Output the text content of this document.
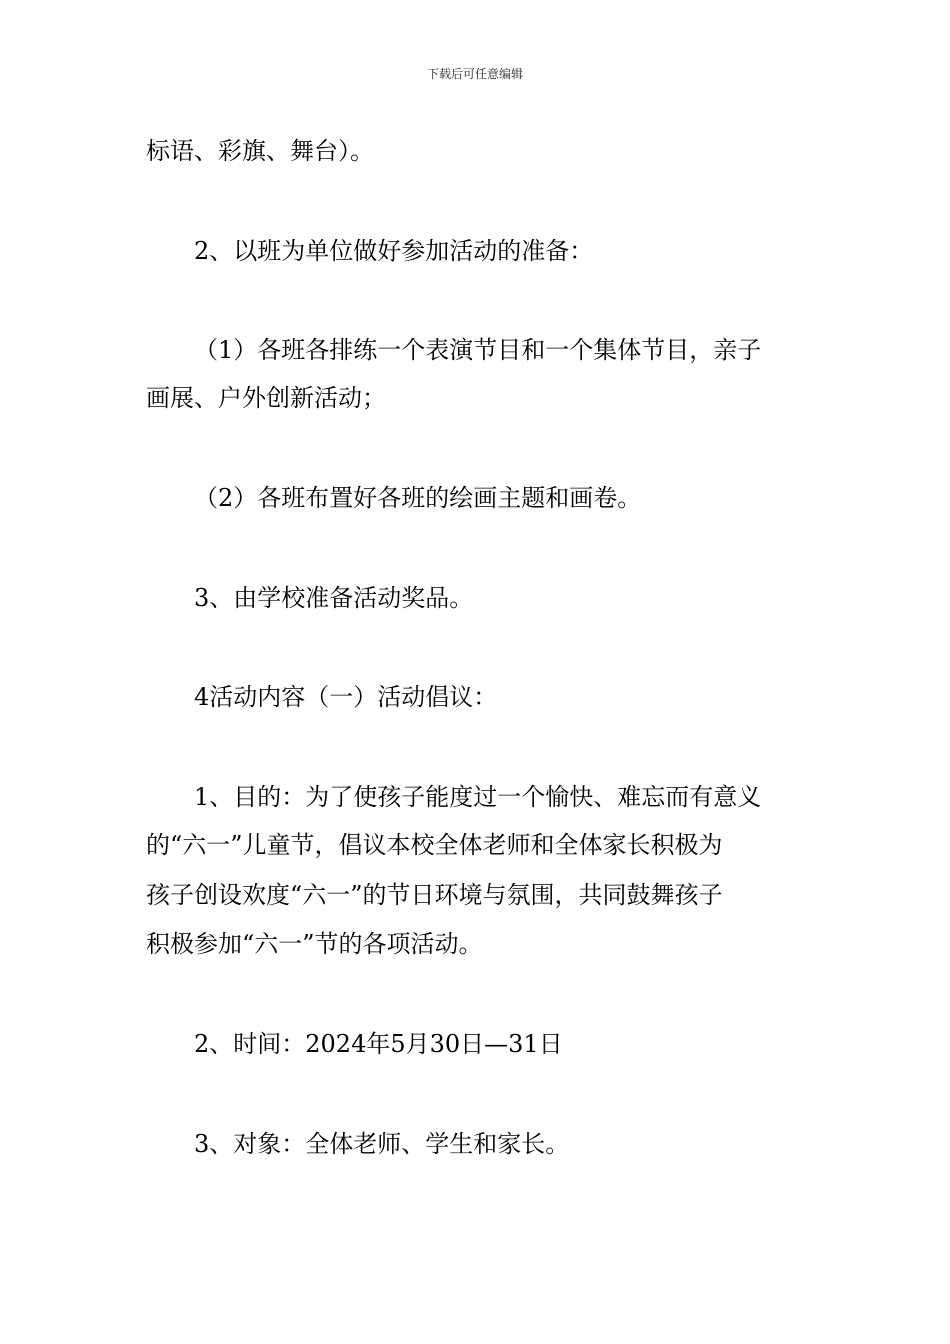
下载后可任意编辑
标语、彩旗、舞台）。
2、以班为单位做好参加活动的准备：
（1）各班各排练一个表演节目和一个集体节目，亲子
画展、户外创新活动；
（2）各班布置好各班的绘画主题和画卷。
3、由学校准备活动奖品。
4活动内容（一）活动倡议：
1、目的：为了使孩子能度过一个愉快、难忘而有意义
的“六一”儿童节，倡议本校全体老师和全体家长积极为
孩子创设欢度“六一”的节日环境与氛围，共同鼓舞孩子
积极参加“六一”节的各项活动。
2、时间：2024年5月30日—31日
3、对象：全体老师、学生和家长。
